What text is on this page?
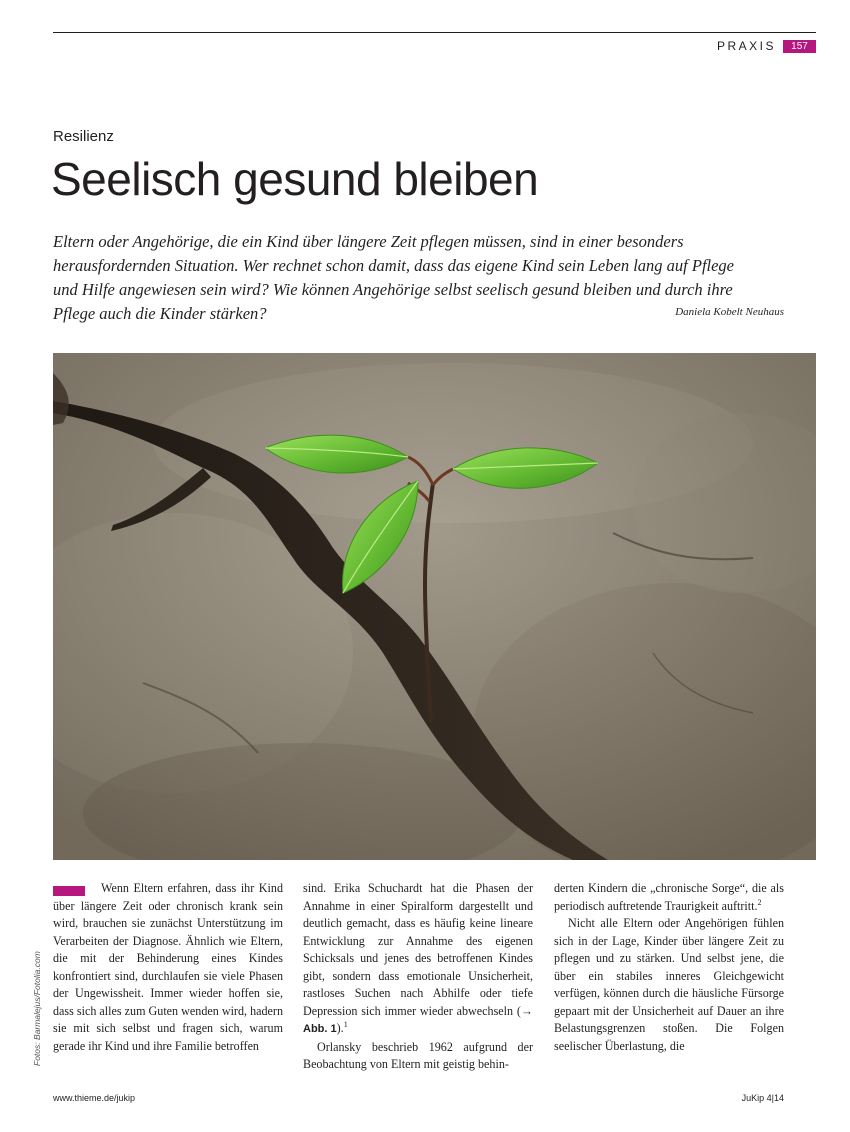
PRAXIS	157
Resilienz
Seelisch gesund bleiben

Eltern oder Angehörige, die ein Kind über längere Zeit pflegen müssen, sind in einer besonders herausfordernden Situation. Wer rechnet schon damit, dass das eigene Kind sein Leben lang auf Pflege und Hilfe angewiesen sein wird? Wie können Angehörige selbst seelisch gesund bleiben und durch ihre Pflege auch die Kinder stärken?	Daniela Kobelt Neuhaus
Fotos: Barmalejus/Fotolia.com

Wenn Eltern erfahren, dass ihr Kind über längere Zeit oder chronisch krank sein wird, brauchen sie zunächst Unterstützung im Verarbeiten der Diagnose. Ähnlich wie Eltern, die mit der Behinderung eines Kindes konfrontiert sind, durchlaufen sie viele Phasen der Ungewissheit. Immer wieder hoffen sie, dass sich alles zum Guten wenden wird, hadern sie mit sich selbst und fragen sich, warum gerade ihr Kind und ihre Familie betroffen

sind. Erika Schuchardt hat die Phasen der Annahme in einer Spiralform dargestellt und deutlich gemacht, dass es häufig keine lineare Entwicklung zur Annahme des eigenen Schicksals und jenes des betroffenen Kindes gibt, sondern dass emotionale Unsicherheit, rastloses Suchen nach Abhilfe oder tiefe Depression sich immer wieder abwechseln (→ Abb. 1).$^1$

Orlansky beschrieb 1962 aufgrund der Beobachtung von Eltern mit geistig behin-

derten Kindern die „chronische Sorge“, die als periodisch auftretende Traurigkeit auftritt.$^2$

Nicht alle Eltern oder Angehörigen fühlen sich in der Lage, Kinder über längere Zeit zu pflegen und zu stärken. Und selbst jene, die über ein stabiles inneres Gleichgewicht verfügen, können durch die häusliche Fürsorge gepaart mit der Unsicherheit auf Dauer an ihre Belastungsgrenzen stoßen. Die Folgen seelischer Überlastung, die

www.thieme.de/jukip	JuKip 4|14
